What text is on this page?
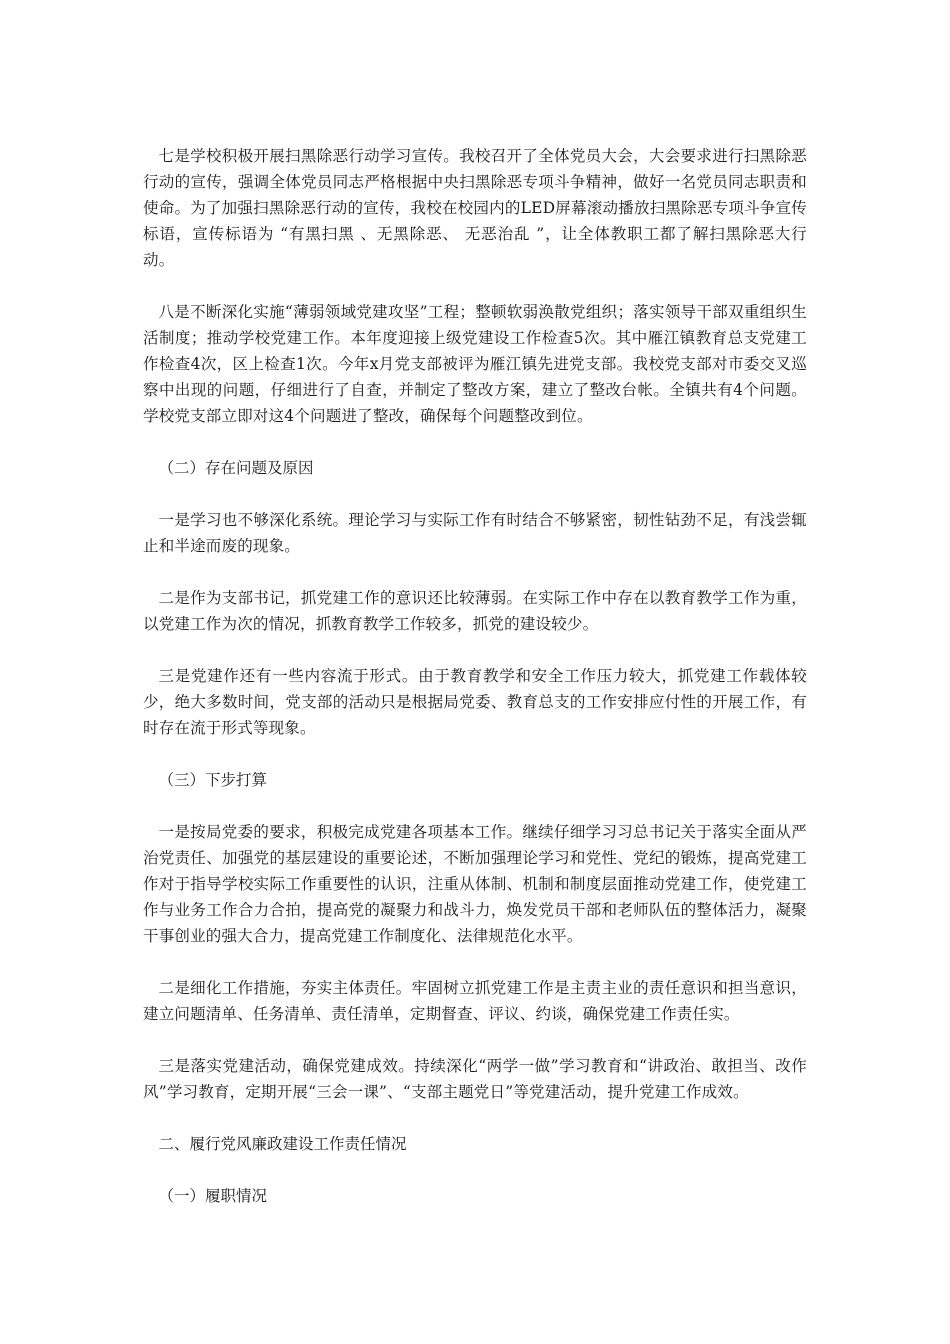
七是学校积极开展扫黑除恶行动学习宣传。我校召开了全体党员大会，大会要求进行扫黑除恶行动的宣传，强调全体党员同志严格根据中央扫黑除恶专项斗争精神，做好一名党员同志职责和使命。为了加强扫黑除恶行动的宣传，我校在校园内的LED屏幕滚动播放扫黑除恶专项斗争宣传标语，宣传标语为 “有黑扫黑 、无黑除恶、 无恶治乱 ”，让全体教职工都了解扫黑除恶大行动。

八是不断深化实施“薄弱领域党建攻坚”工程；整顿软弱涣散党组织；落实领导干部双重组织生活制度；推动学校党建工作。本年度迎接上级党建设工作检查5次。其中雁江镇教育总支党建工作检查4次，区上检查1次。今年x月党支部被评为雁江镇先进党支部。我校党支部对市委交叉巡察中出现的问题，仔细进行了自查，并制定了整改方案，建立了整改台帐。全镇共有4个问题。学校党支部立即对这4个问题进了整改，确保每个问题整改到位。

（二）存在问题及原因

一是学习也不够深化系统。理论学习与实际工作有时结合不够紧密，韧性钻劲不足，有浅尝辄止和半途而废的现象。

二是作为支部书记，抓党建工作的意识还比较薄弱。在实际工作中存在以教育教学工作为重，以党建工作为次的情况，抓教育教学工作较多，抓党的建设较少。

三是党建作还有一些内容流于形式。由于教育教学和安全工作压力较大，抓党建工作载体较少，绝大多数时间，党支部的活动只是根据局党委、教育总支的工作安排应付性的开展工作，有时存在流于形式等现象。

（三）下步打算

一是按局党委的要求，积极完成党建各项基本工作。继续仔细学习习总书记关于落实全面从严治党责任、加强党的基层建设的重要论述，不断加强理论学习和党性、党纪的锻炼，提高党建工作对于指导学校实际工作重要性的认识，注重从体制、机制和制度层面推动党建工作，使党建工作与业务工作合力合拍，提高党的凝聚力和战斗力，焕发党员干部和老师队伍的整体活力，凝聚干事创业的强大合力，提高党建工作制度化、法律规范化水平。

二是细化工作措施，夯实主体责任。牢固树立抓党建工作是主责主业的责任意识和担当意识，建立问题清单、任务清单、责任清单，定期督查、评议、约谈，确保党建工作责任实。

三是落实党建活动，确保党建成效。持续深化“两学一做”学习教育和“讲政治、敢担当、改作风”学习教育，定期开展“三会一课”、“支部主题党日”等党建活动，提升党建工作成效。

二、履行党风廉政建设工作责任情况

（一）履职情况
